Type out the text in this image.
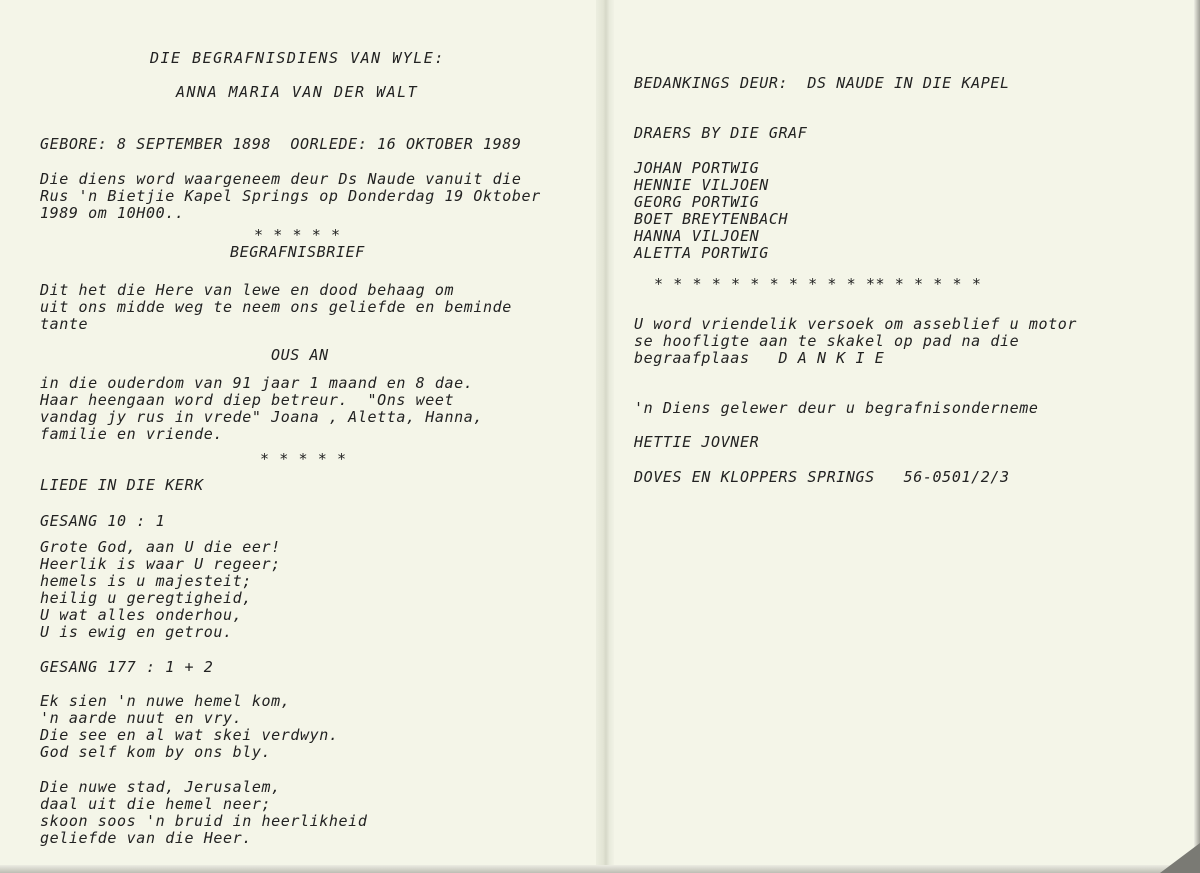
DIE BEGRAFNISDIENS VAN WYLE:
ANNA MARIA VAN DER WALT
GEBORE: 8 SEPTEMBER 1898  OORLEDE: 16 OKTOBER 1989
Die diens word waargeneem deur Ds Naude vanuit die
Rus 'n Bietjie Kapel Springs op Donderdag 19 Oktober
1989 om 10H00..
* * * * *
BEGRAFNISBRIEF
Dit het die Here van lewe en dood behaag om
uit ons midde weg te neem ons geliefde en beminde
tante
OUS AN
in die ouderdom van 91 jaar 1 maand en 8 dae.
Haar heengaan word diep betreur.  "Ons weet
vandag jy rus in vrede" Joana , Aletta, Hanna,
familie en vriende.
* * * * *
LIEDE IN DIE KERK
GESANG 10 : 1
Grote God, aan U die eer!
Heerlik is waar U regeer;
hemels is u majesteit;
heilig u geregtigheid,
U wat alles onderhou,
U is ewig en getrou.
GESANG 177 : 1 + 2
Ek sien 'n nuwe hemel kom,
'n aarde nuut en vry.
Die see en al wat skei verdwyn.
God self kom by ons bly.
Die nuwe stad, Jerusalem,
daal uit die hemel neer;
skoon soos 'n bruid in heerlikheid
geliefde van die Heer.
BEDANKINGS DEUR:  DS NAUDE IN DIE KAPEL
DRAERS BY DIE GRAF
JOHAN PORTWIG
HENNIE VILJOEN
GEORG PORTWIG
BOET BREYTENBACH
HANNA VILJOEN
ALETTA PORTWIG
* * * * * * * * * * * ** * * * * *
U word vriendelik versoek om asseblief u motor
se hoofligte aan te skakel op pad na die
begraafplaas   D A N K I E
'n Diens gelewer deur u begrafnisonderneme
HETTIE JOVNER
DOVES EN KLOPPERS SPRINGS   56-0501/2/3
